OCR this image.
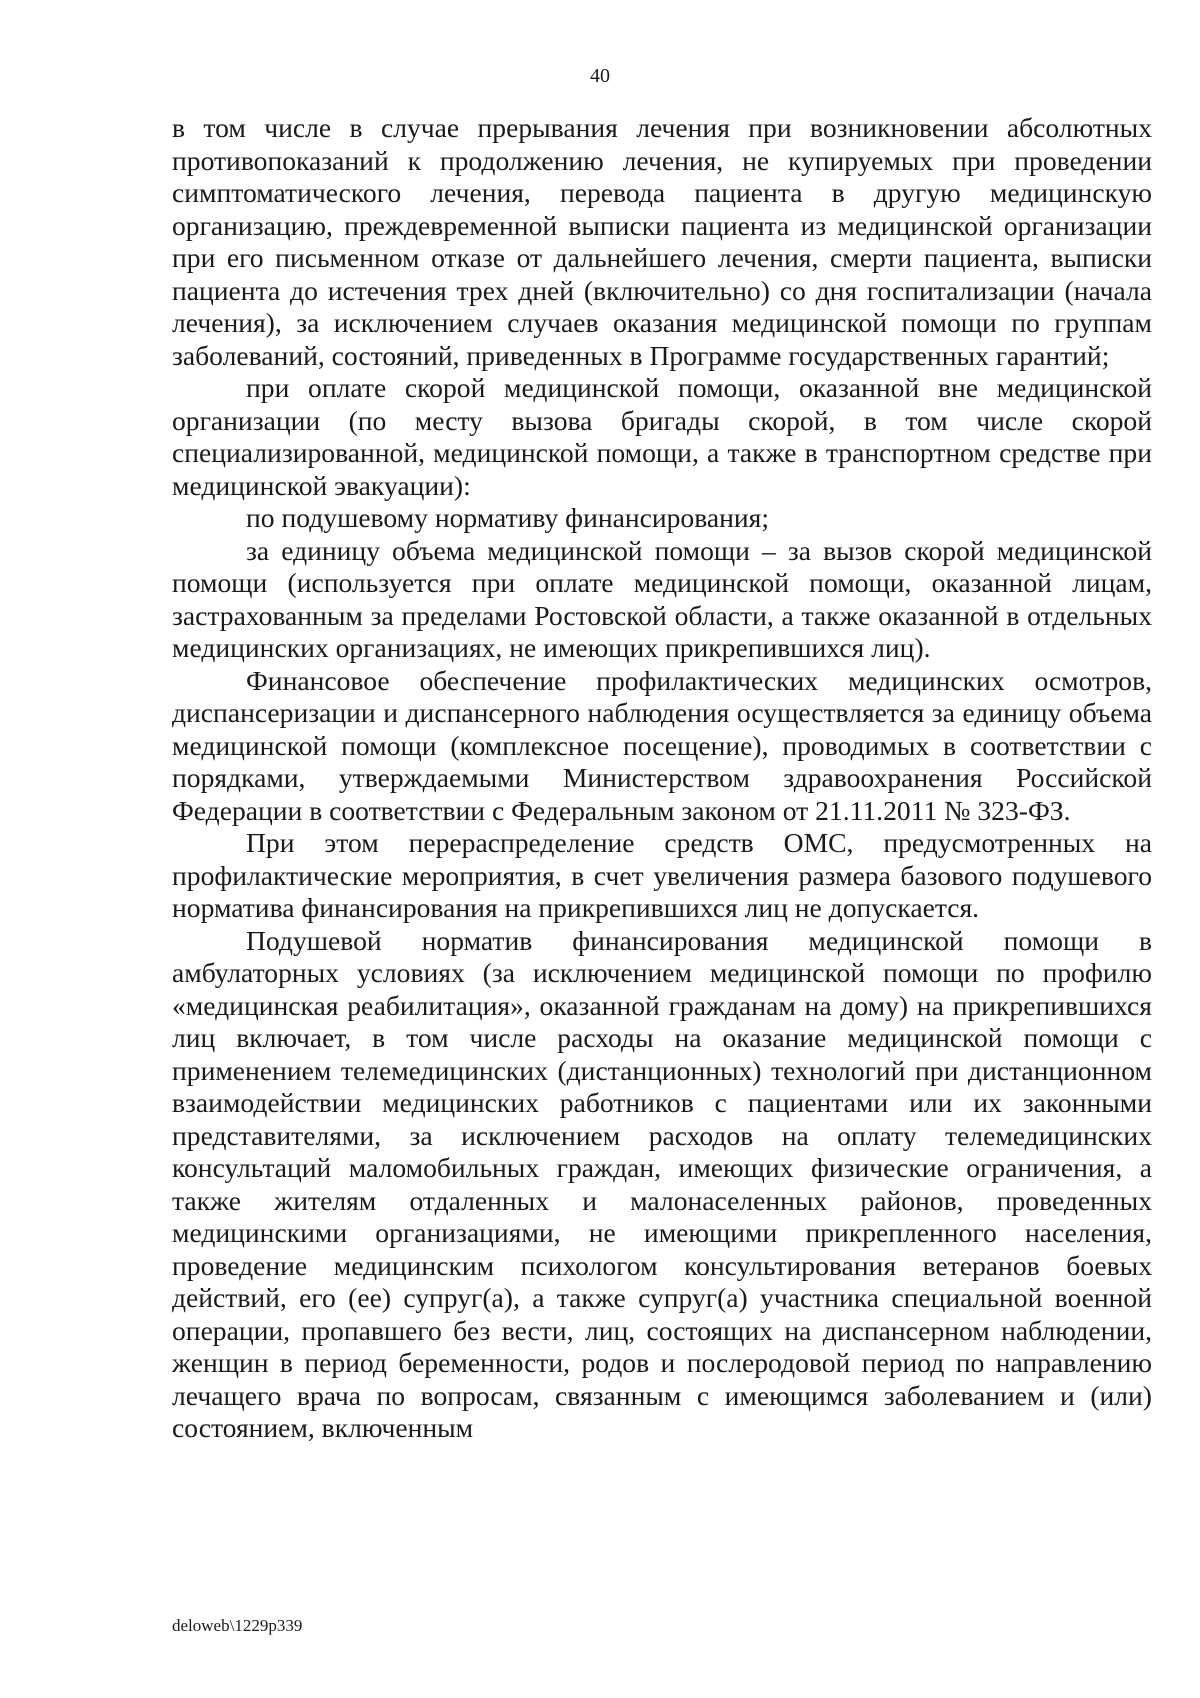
40

в том числе в случае прерывания лечения при возникновении абсолютных противопоказаний к продолжению лечения, не купируемых при проведении симптоматического лечения, перевода пациента в другую медицинскую организацию, преждевременной выписки пациента из медицинской организации при его письменном отказе от дальнейшего лечения, смерти пациента, выписки пациента до истечения трех дней (включительно) со дня госпитализации (начала лечения), за исключением случаев оказания медицинской помощи по группам заболеваний, состояний, приведенных в Программе государственных гарантий;

при оплате скорой медицинской помощи, оказанной вне медицинской организации (по месту вызова бригады скорой, в том числе скорой специализированной, медицинской помощи, а также в транспортном средстве при медицинской эвакуации):

по подушевому нормативу финансирования;

за единицу объема медицинской помощи – за вызов скорой медицинской помощи (используется при оплате медицинской помощи, оказанной лицам, застрахованным за пределами Ростовской области, а также оказанной в отдельных медицинских организациях, не имеющих прикрепившихся лиц).

Финансовое обеспечение профилактических медицинских осмотров, диспансеризации и диспансерного наблюдения осуществляется за единицу объема медицинской помощи (комплексное посещение), проводимых в соответствии с порядками, утверждаемыми Министерством здравоохранения Российской Федерации в соответствии с Федеральным законом от 21.11.2011 № 323-ФЗ.

При этом перераспределение средств ОМС, предусмотренных на профилактические мероприятия, в счет увеличения размера базового подушевого норматива финансирования на прикрепившихся лиц не допускается.

Подушевой норматив финансирования медицинской помощи в амбулаторных условиях (за исключением медицинской помощи по профилю «медицинская реабилитация», оказанной гражданам на дому) на прикрепившихся лиц включает, в том числе расходы на оказание медицинской помощи с применением телемедицинских (дистанционных) технологий при дистанционном взаимодействии медицинских работников с пациентами или их законными представителями, за исключением расходов на оплату телемедицинских консультаций маломобильных граждан, имеющих физические ограничения, а также жителям отдаленных и малонаселенных районов, проведенных медицинскими организациями, не имеющими прикрепленного населения, проведение медицинским психологом консультирования ветеранов боевых действий, его (ее) супруг(а), а также супруг(а) участника специальной военной операции, пропавшего без вести, лиц, состоящих на диспансерном наблюдении, женщин в период беременности, родов и послеродовой период по направлению лечащего врача по вопросам, связанным с имеющимся заболеванием и (или) состоянием, включенным

deloweb\1229p339
